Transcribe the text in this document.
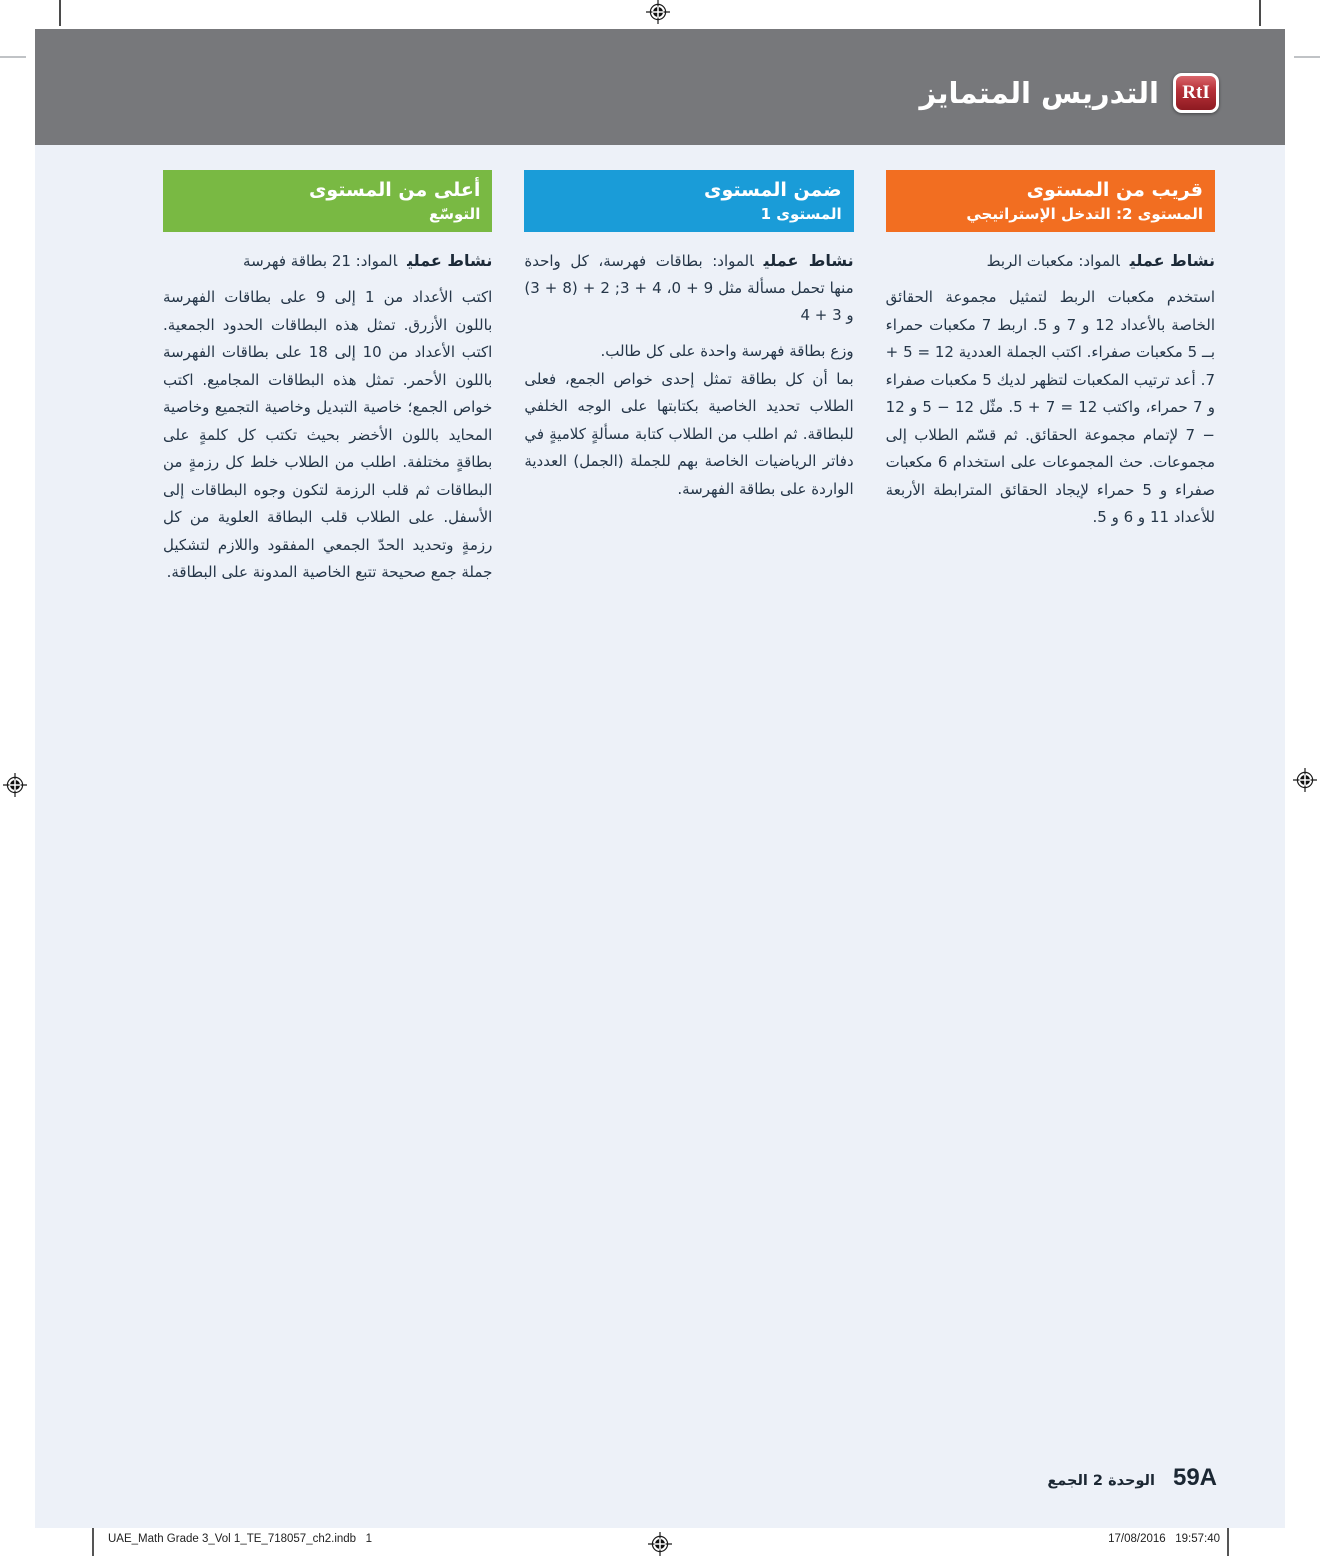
RtI
التدريس المتمايز
قريب من المستوى
المستوى 2: التدخل الإستراتيجي

نشاط عمليالمواد: مكعبات الربط

استخدم مكعبات الربط لتمثيل مجموعة الحقائق الخاصة بالأعداد 12 و 7 و 5. اربط 7 مكعبات حمراء بــ 5 مكعبات صفراء. اكتب الجملة العددية 12 = 5 + 7. أعد ترتيب المكعبات لتظهر لديك 5 مكعبات صفراء و 7 حمراء، واكتب 12 = 7 + 5. مثّل 12 − 5 و 12 − 7 لإتمام مجموعة الحقائق. ثم قسّم الطلاب إلى مجموعات. حث المجموعات على استخدام 6 مكعبات صفراء و 5 حمراء لإيجاد الحقائق المترابطة الأربعة للأعداد 11 و 6 و 5.

ضمن المستوى
المستوى 1

نشاط عمليالمواد: بطاقات فهرسة، كل واحدة منها تحمل مسألة مثل 9 + 0، 4 + 3; 2 + (8 + 3) و 3 + 4

وزع بطاقة فهرسة واحدة على كل طالب.

بما أن كل بطاقة تمثل إحدى خواص الجمع، فعلى الطلاب تحديد الخاصية بكتابتها على الوجه الخلفي للبطاقة. ثم اطلب من الطلاب كتابة مسألةٍ كلاميةٍ في دفاتر الرياضيات الخاصة بهم للجملة (الجمل) العددية الواردة على بطاقة الفهرسة.

أعلى من المستوى
التوسّع

نشاط عمليالمواد: 21 بطاقة فهرسة

اكتب الأعداد من 1 إلى 9 على بطاقات الفهرسة باللون الأزرق. تمثل هذه البطاقات الحدود الجمعية. اكتب الأعداد من 10 إلى 18 على بطاقات الفهرسة باللون الأحمر. تمثل هذه البطاقات المجاميع. اكتب خواص الجمع؛ خاصية التبديل وخاصية التجميع وخاصية المحايد باللون الأخضر بحيث تكتب كل كلمةٍ على بطاقةٍ مختلفة. اطلب من الطلاب خلط كل رزمةٍ من البطاقات ثم قلب الرزمة لتكون وجوه البطاقات إلى الأسفل. على الطلاب قلب البطاقة العلوية من كل رزمةٍ وتحديد الحدّ الجمعي المفقود واللازم لتشكيل جملة جمع صحيحة تتبع الخاصية المدونة على البطاقة.

59A
الوحدة 2 الجمع
UAE_Math Grade 3_Vol 1_TE_718057_ch2.indb   1	17/08/2016   19:57:40
